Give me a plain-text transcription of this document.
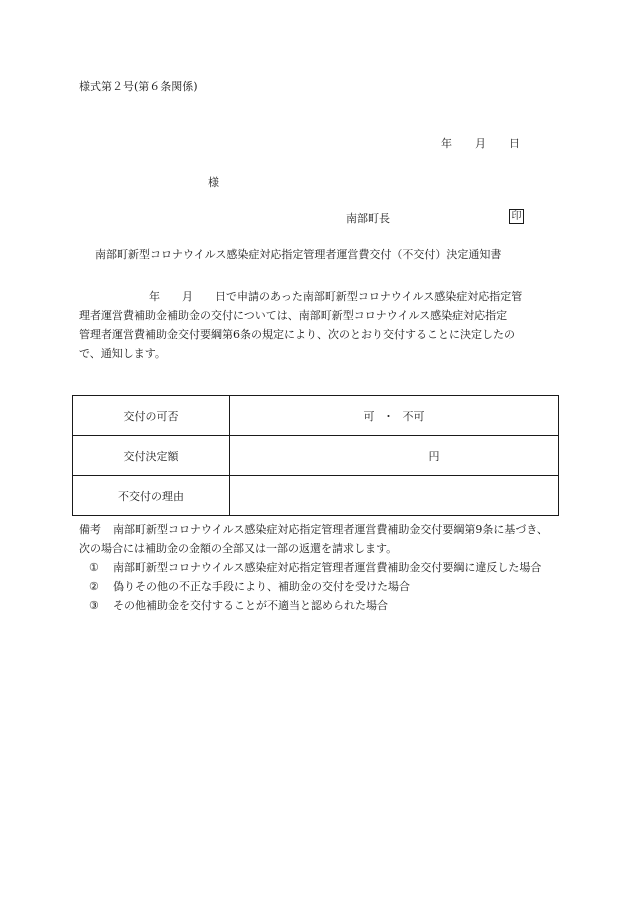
様式第２号(第６条関係)
年 月 日
様
南部町長	印
南部町新型コロナウイルス感染症対応指定管理者運営費交付（不交付）決定通知書

年 月 日で申請のあった南部町新型コロナウイルス感染症対応指定管

理者運営費補助金補助金の交付については、南部町新型コロナウイルス感染症対応指定

管理者運営費補助金交付要綱第6条の規定により、次のとおり交付することに決定したの

で、通知します。

交付の可否	可 ・ 不可
交付決定額	円
不交付の理由	

備考 南部町新型コロナウイルス感染症対応指定管理者運営費補助金交付要綱第9条に基づき、

次の場合には補助金の金額の全部又は一部の返還を請求します。

① 南部町新型コロナウイルス感染症対応指定管理者運営費補助金交付要綱に違反した場合

② 偽りその他の不正な手段により、補助金の交付を受けた場合

③ その他補助金を交付することが不適当と認められた場合
